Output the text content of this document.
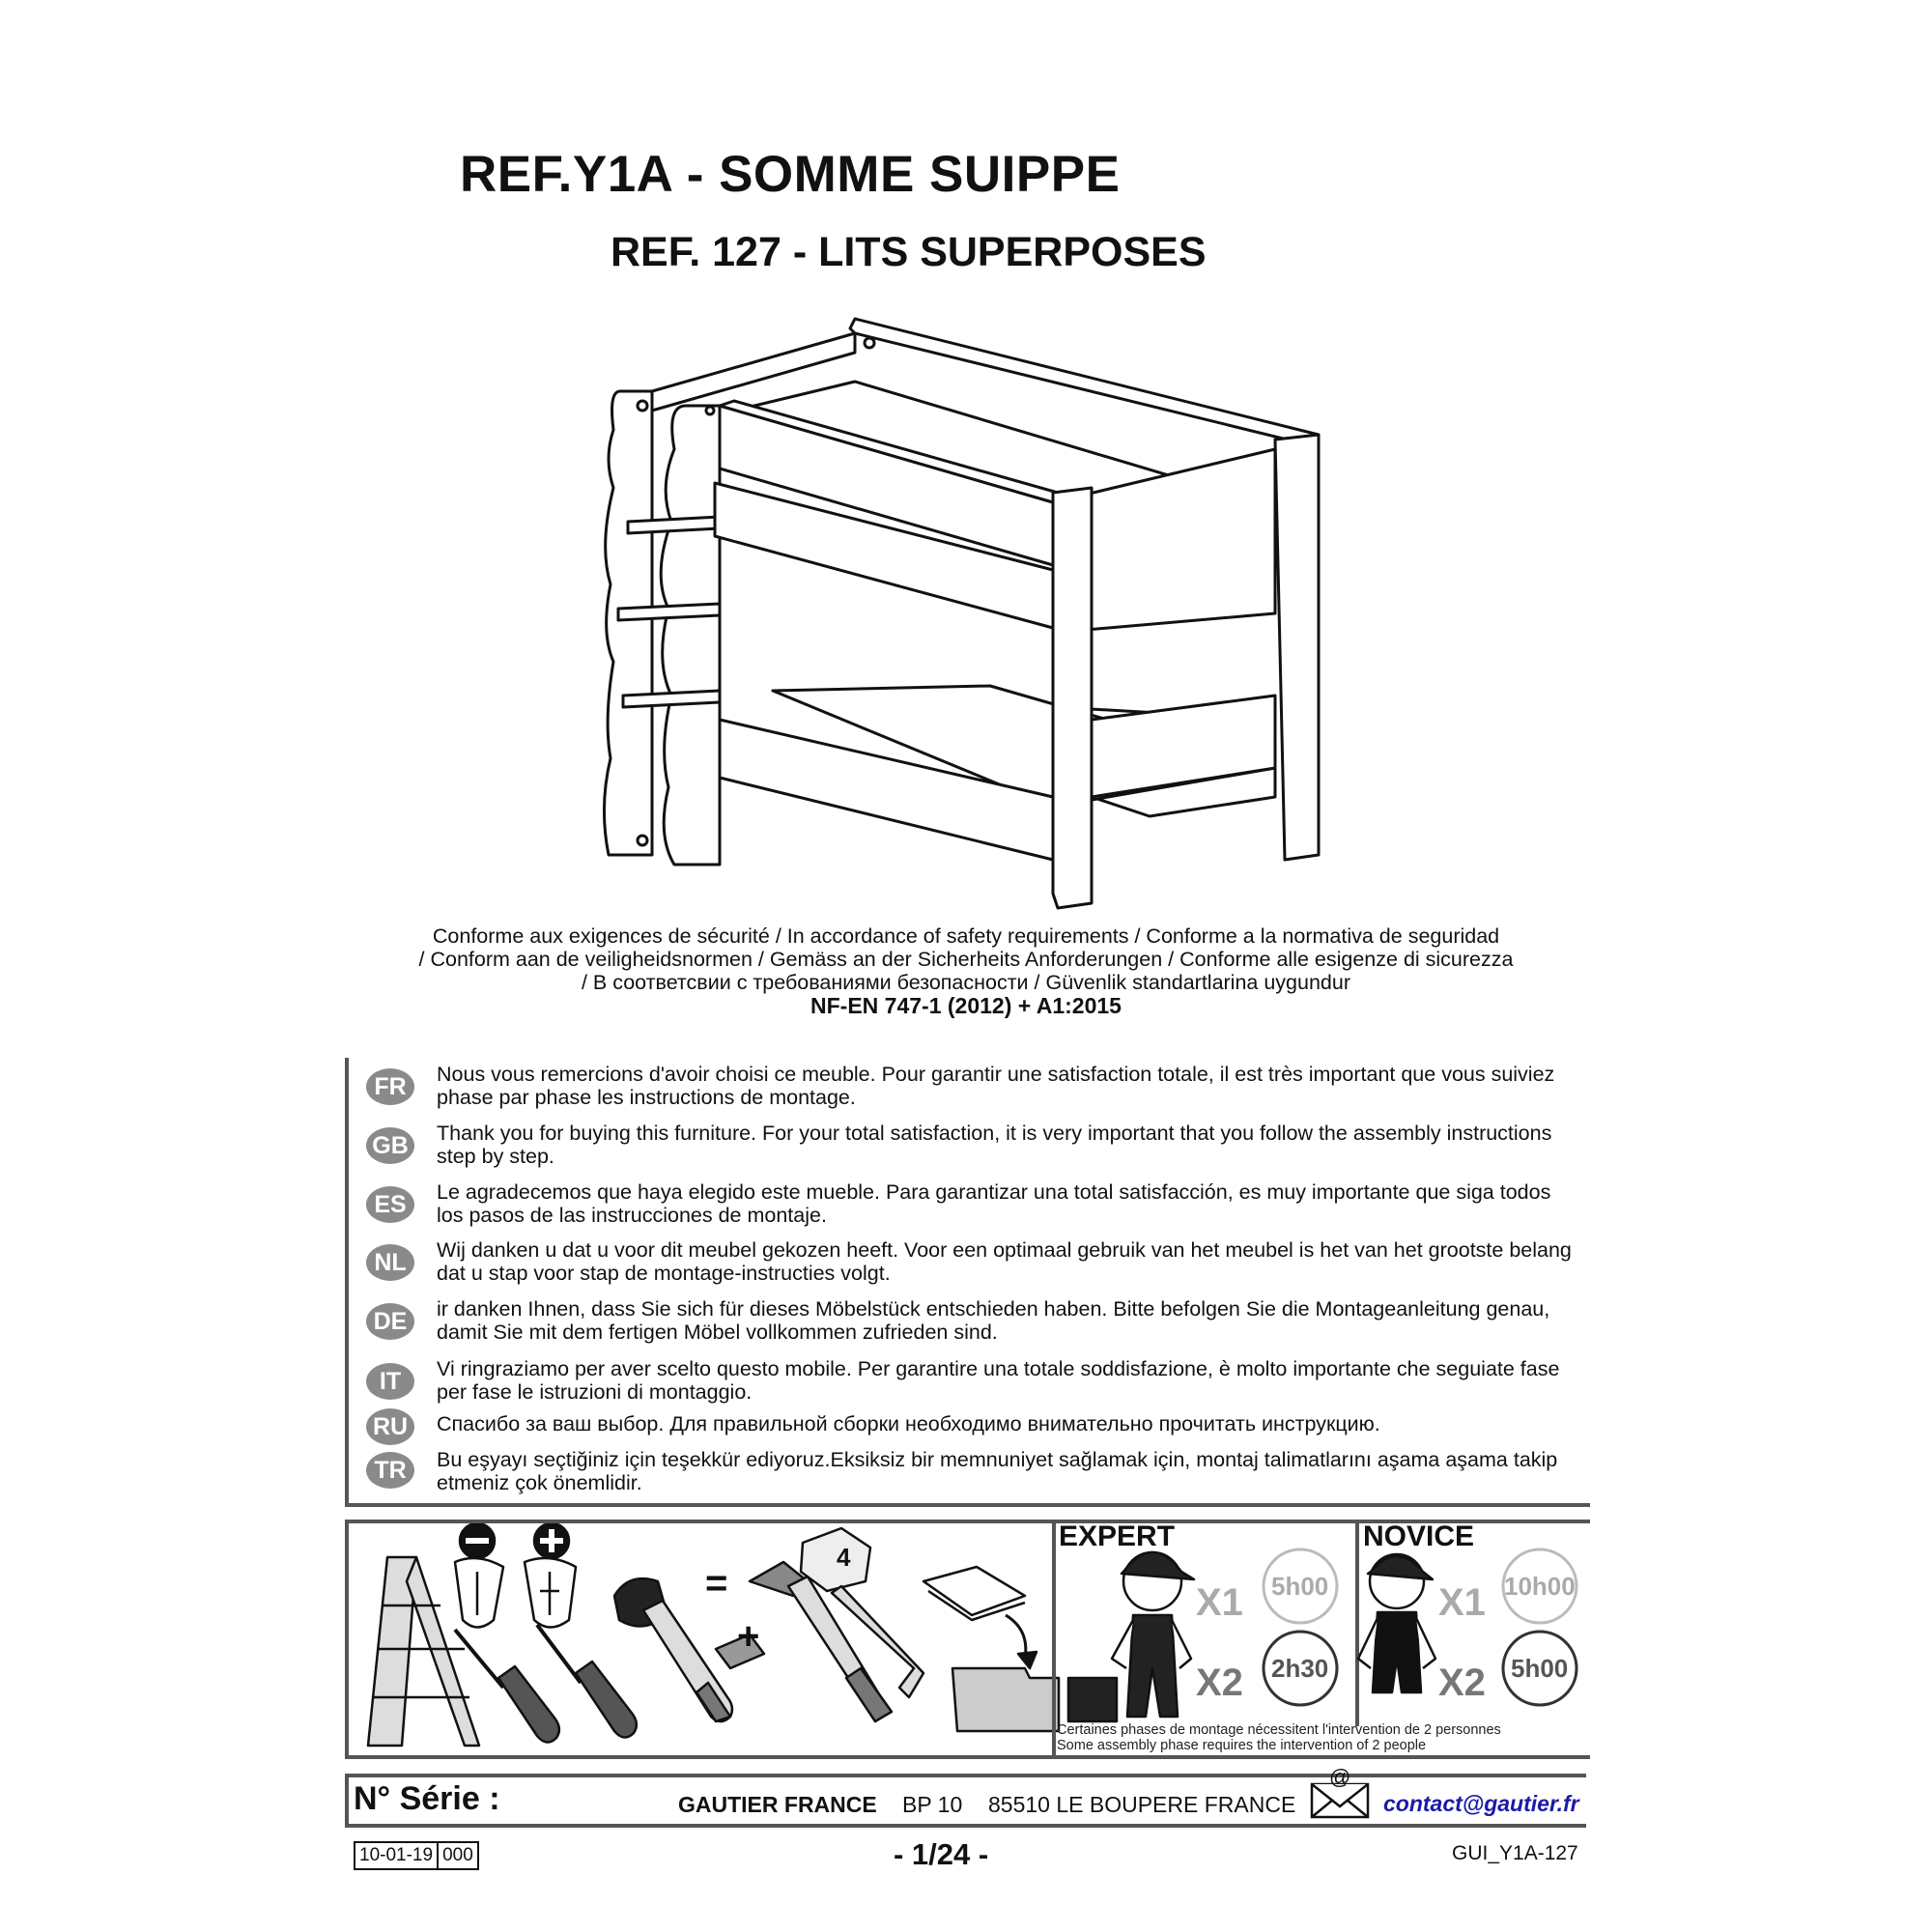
REF.Y1A - SOMME SUIPPE
REF. 127 - LITS SUPERPOSES
Conforme aux exigences de sécurité / In accordance of safety requirements / Conforme a la normativa de seguridad
/ Conform aan de veiligheidsnormen / Gemäss an der Sicherheits Anforderungen / Conforme alle esigenze di sicurezza
/ В соответсвии с требованиями безопасности / Güvenlik standartlarina uygundur
NF-EN 747-1 (2012) + A1:2015
FR	Nous vous remercions d'avoir choisi ce meuble. Pour garantir une satisfaction totale, il est très important que vous suiviez phase par phase les instructions de montage.
GB Thank you for buying this furniture. For your total satisfaction, it is very important that you follow the assembly instructions step by step.
ES	Le agradecemos que haya elegido este mueble. Para garantizar una total satisfacción, es muy importante que siga todos los pasos de las instrucciones de montaje.
NL	Wij danken u dat u voor dit meubel gekozen heeft. Voor een optimaal gebruik van het meubel is het van het grootste belang dat u stap voor stap de montage-instructies volgt.
DE	ir danken Ihnen, dass Sie sich für dieses Möbelstück entschieden haben. Bitte befolgen Sie die Montageanleitung genau, damit Sie mit dem fertigen Möbel vollkommen zufrieden sind.
IT	Vi ringraziamo per aver scelto questo mobile. Per garantire una totale soddisfazione, è molto importante che seguiate fase per fase le istruzioni di montaggio.
RU	Спасибо за ваш выбор. Для правильной сборки необходимо внимательно прочитать инструкцию.
TR	Bu eşyayı seçtiğiniz için teşekkür ediyoruz.Eksiksiz bir memnuniyet sağlamak için, montaj talimatlarını aşama aşama takip etmeniz çok önemlidir.
=
+
4
EXPERT	NOVICE
X1
X2
5h00
2h30
X1
X2
10h00
5h00
Certaines phases de montage nécessitent l'intervention de 2 personnes
Some assembly phase requires the intervention of 2 people
N° Série :	GAUTIER FRANCE BP 10 85510 LE BOUPERE FRANCE
@
contact@gautier.fr
10-01-19 000	- 1/24 -	GUI_Y1A-127
